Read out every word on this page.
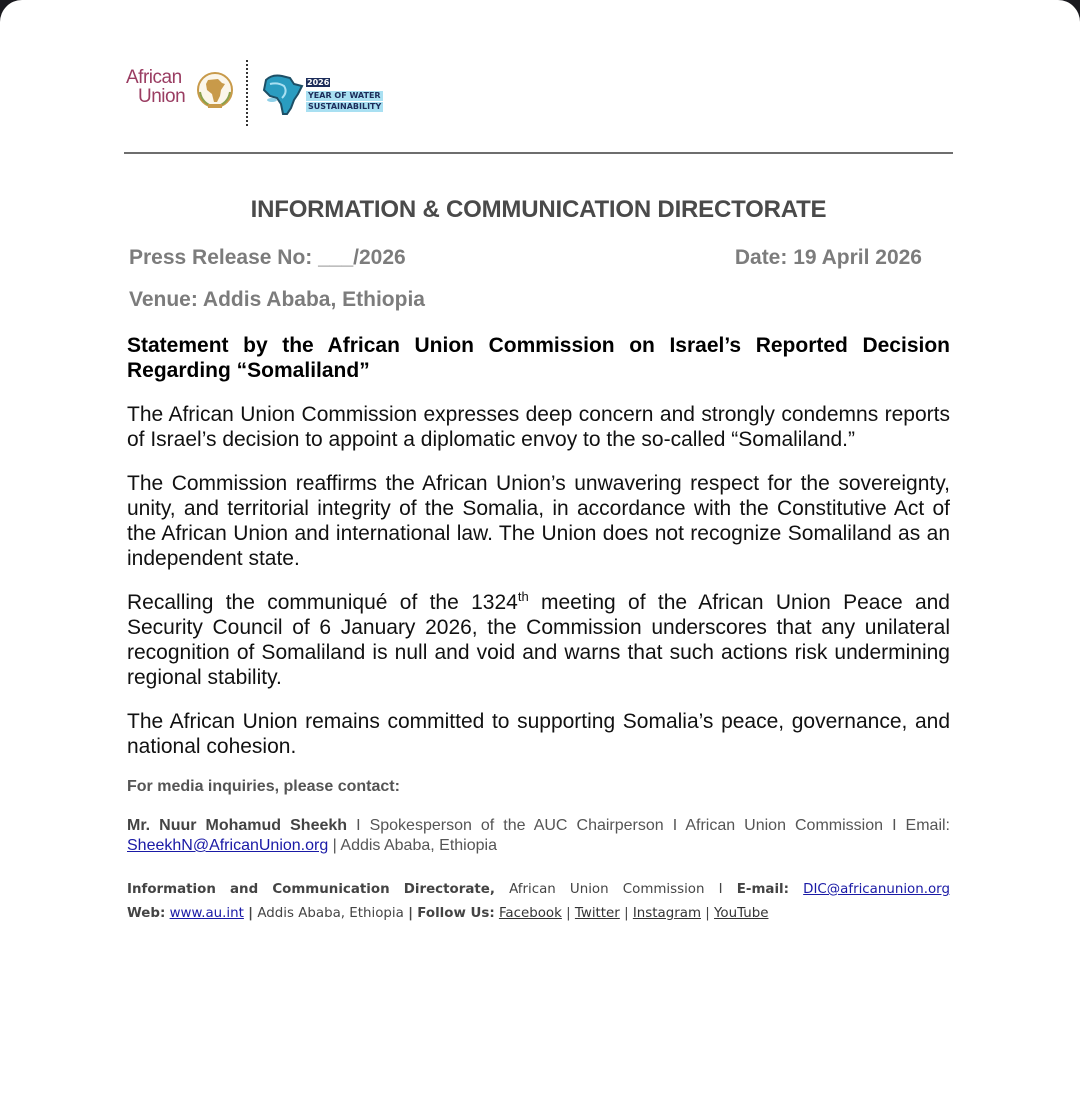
African
Union
2026
YEAR OF WATER
SUSTAINABILITY
INFORMATION & COMMUNICATION DIRECTORATE
Press Release No: ___/2026	Date: 19 April 2026
Venue: Addis Ababa, Ethiopia

Statement by the African Union Commission on Israel’s Reported Decision Regarding “Somaliland”

The African Union Commission expresses deep concern and strongly condemns reports of Israel’s decision to appoint a diplomatic envoy to the so-called “Somaliland.”

The Commission reaffirms the African Union’s unwavering respect for the sovereignty, unity, and territorial integrity of the Somalia, in accordance with the Constitutive Act of the African Union and international law. The Union does not recognize Somaliland as an independent state.

Recalling the communiqué of the 1324th meeting of the African Union Peace and Security Council of 6 January 2026, the Commission underscores that any unilateral recognition of Somaliland is null and void and warns that such actions risk undermining regional stability.

The African Union remains committed to supporting Somalia’s peace, governance, and national cohesion.

For media inquiries, please contact:

Mr. Nuur Mohamud Sheekh I Spokesperson of the AUC Chairperson I African Union Commission I Email: SheekhN@AfricanUnion.org | Addis Ababa, Ethiopia

Information and Communication Directorate, African Union Commission I E-mail: DIC@africanunion.org
Web: www.au.int | Addis Ababa, Ethiopia | Follow Us: Facebook | Twitter | Instagram | YouTube
